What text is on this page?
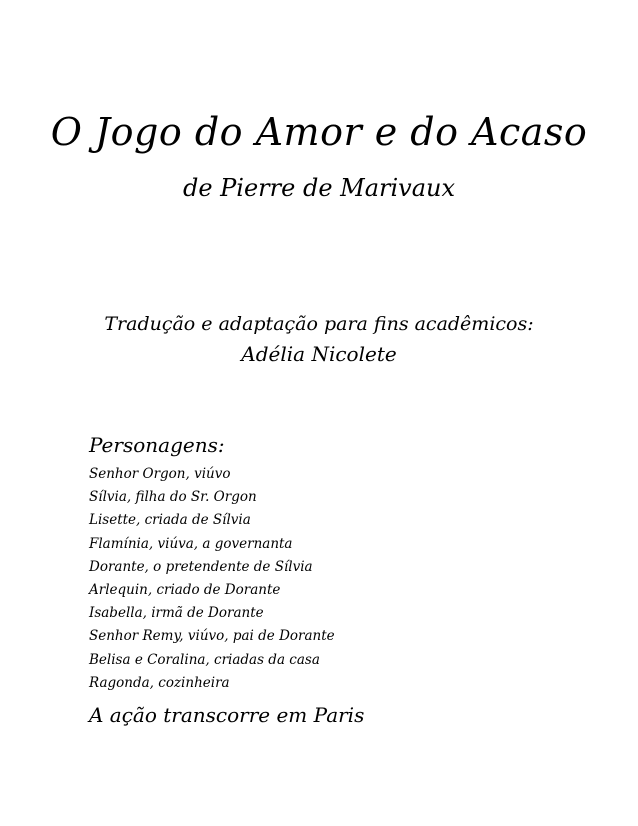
O Jogo do Amor e do Acaso
de Pierre de Marivaux
Tradução e adaptação para fins acadêmicos:
Adélia Nicolete
Personagens:
Senhor Orgon, viúvo
Sílvia, filha do Sr. Orgon
Lisette, criada de Sílvia
Flamínia, viúva, a governanta
Dorante, o pretendente de Sílvia
Arlequin, criado de Dorante
Isabella, irmã de Dorante
Senhor Remy, viúvo, pai de Dorante
Belisa e Coralina, criadas da casa
Ragonda, cozinheira
A ação transcorre em Paris
